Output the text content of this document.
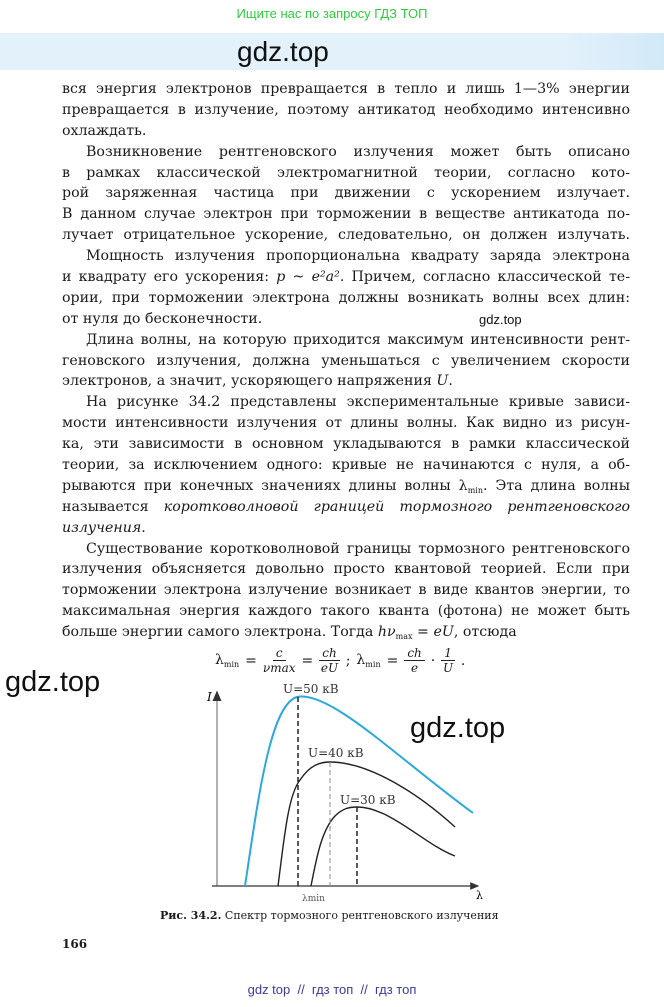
Ищите нас по запросу ГДЗ ТОП
gdz.top
вся энергия электронов превращается в тепло и лишь 1—3% энергии
превращается в излучение, поэтому антикатод необходимо интенсивно
охлаждать.
Возникновение рентгеновского излучения может быть описано
в рамках классической электромагнитной теории, согласно кото-
рой заряженная частица при движении с ускорением излучает.
В данном случае электрон при торможении в веществе антикатода по-
лучает отрицательное ускорение, следовательно, он должен излучать.
Мощность излучения пропорциональна квадрату заряда электрона
и квадрату его ускорения: p ~ e²a². Причем, согласно классической те-
ории, при торможении электрона должны возникать волны всех длин:
от нуля до бесконечности.
Длина волны, на которую приходится максимум интенсивности рент-
геновского излучения, должна уменьшаться с увеличением скорости
электронов, а значит, ускоряющего напряжения U.
На рисунке 34.2 представлены экспериментальные кривые зависи-
мости интенсивности излучения от длины волны. Как видно из рисун-
ка, эти зависимости в основном укладываются в рамки классической
теории, за исключением одного: кривые не начинаются с нуля, а об-
рываются при конечных значениях длины волны $\lambda_{min}$. Эта длина волны
называется коротковолновой границей тормозного рентгеновского
излучения.
Существование коротковолновой границы тормозного рентгеновского
излучения объясняется довольно просто квантовой теорией. Если при
торможении электрона излучение возникает в виде квантов энергии, то
максимальная энергия каждого такого кванта (фотона) не может быть
больше энергии самого электрона. Тогда $h\nu_{max}$ = eU, отсюда
gdz.top
gdz.top
gdz.top
$\lambda_{min} = \frac{c}{\nu\max} = \frac{ch}{eU}$ ; $\lambda_{min} = \frac{ch}{e} \cdot \frac{1}{U}$ .
I
λ
λmin
U=50 кВ
U=40 кВ
U=30 кВ
Рис. 34.2. Спектр тормозного рентгеновского излучения
166
gdz top  //  гдз топ  //  гдз топ
